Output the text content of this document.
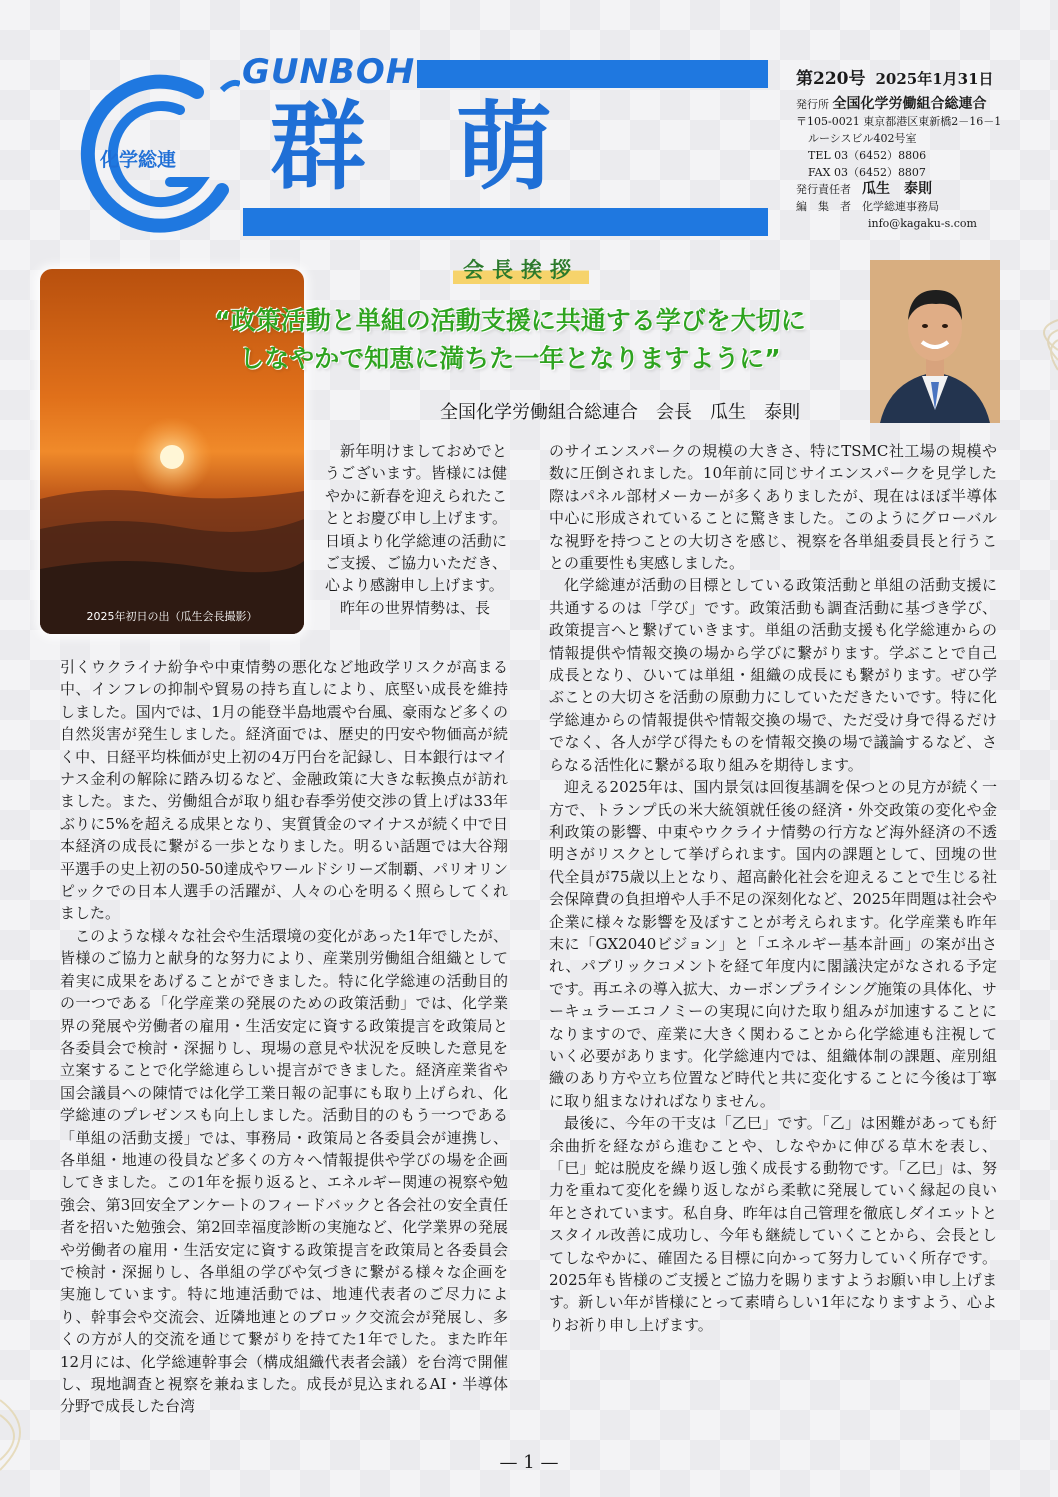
化学総連
GUNBOH
群萌
第220号 2025年1月31日
発行所 全国化学労働組合総連合
〒105-0021 東京都港区東新橋2－16－1
ルーシスビル402号室
TEL 03（6452）8806
FAX 03（6452）8807
発行責任者　 瓜生　泰則
編　集　者　 化学総連事務局
info@kagaku-s.com
会長挨拶
2025年初日の出（瓜生会長撮影）
“政策活動と単組の活動支援に共通する学びを大切に
しなやかで知恵に満ちた一年となりますように”
全国化学労働組合総連合　会長　瓜生　泰則

新年明けましておめでとうございます。皆様には健やかに新春を迎えられたこととお慶び申し上げます。日頃より化学総連の活動にご支援、ご協力いただき、心より感謝申し上げます。

昨年の世界情勢は、長

引くウクライナ紛争や中東情勢の悪化など地政学リスクが高まる中、インフレの抑制や貿易の持ち直しにより、底堅い成長を維持しました。国内では、1月の能登半島地震や台風、豪雨など多くの自然災害が発生しました。経済面では、歴史的円安や物価高が続く中、日経平均株価が史上初の4万円台を記録し、日本銀行はマイナス金利の解除に踏み切るなど、金融政策に大きな転換点が訪れました。また、労働組合が取り組む春季労使交渉の賃上げは33年ぶりに5%を超える成果となり、実質賃金のマイナスが続く中で日本経済の成長に繋がる一歩となりました。明るい話題では大谷翔平選手の史上初の50-50達成やワールドシリーズ制覇、パリオリンピックでの日本人選手の活躍が、人々の心を明るく照らしてくれました。

このような様々な社会や生活環境の変化があった1年でしたが、皆様のご協力と献身的な努力により、産業別労働組合組織として着実に成果をあげることができました。特に化学総連の活動目的の一つである「化学産業の発展のための政策活動」では、化学業界の発展や労働者の雇用・生活安定に資する政策提言を政策局と各委員会で検討・深掘りし、現場の意見や状況を反映した意見を立案することで化学総連らしい提言ができました。経済産業省や国会議員への陳情では化学工業日報の記事にも取り上げられ、化学総連のプレゼンスも向上しました。活動目的のもう一つである「単組の活動支援」では、事務局・政策局と各委員会が連携し、各単組・地連の役員など多くの方々へ情報提供や学びの場を企画してきました。この1年を振り返ると、エネルギー関連の視察や勉強会、第3回安全アンケートのフィードバックと各会社の安全責任者を招いた勉強会、第2回幸福度診断の実施など、化学業界の発展や労働者の雇用・生活安定に資する政策提言を政策局と各委員会で検討・深掘りし、各単組の学びや気づきに繋がる様々な企画を実施しています。特に地連活動では、地連代表者のご尽力により、幹事会や交流会、近隣地連とのブロック交流会が発展し、多くの方が人的交流を通じて繋がりを持てた1年でした。また昨年12月には、化学総連幹事会（構成組織代表者会議）を台湾で開催し、現地調査と視察を兼ねました。成長が見込まれるAI・半導体分野で成長した台湾

のサイエンスパークの規模の大きさ、特にTSMC社工場の規模や数に圧倒されました。10年前に同じサイエンスパークを見学した際はパネル部材メーカーが多くありましたが、現在はほぼ半導体中心に形成されていることに驚きました。このようにグローバルな視野を持つことの大切さを感じ、視察を各単組委員長と行うことの重要性も実感しました。

化学総連が活動の目標としている政策活動と単組の活動支援に共通するのは「学び」です。政策活動も調査活動に基づき学び、政策提言へと繋げていきます。単組の活動支援も化学総連からの情報提供や情報交換の場から学びに繋がります。学ぶことで自己成長となり、ひいては単組・組織の成長にも繋がります。ぜひ学ぶことの大切さを活動の原動力にしていただきたいです。特に化学総連からの情報提供や情報交換の場で、ただ受け身で得るだけでなく、各人が学び得たものを情報交換の場で議論するなど、さらなる活性化に繋がる取り組みを期待します。

迎える2025年は、国内景気は回復基調を保つとの見方が続く一方で、トランプ氏の米大統領就任後の経済・外交政策の変化や金利政策の影響、中東やウクライナ情勢の行方など海外経済の不透明さがリスクとして挙げられます。国内の課題として、団塊の世代全員が75歳以上となり、超高齢化社会を迎えることで生じる社会保障費の負担増や人手不足の深刻化など、2025年問題は社会や企業に様々な影響を及ぼすことが考えられます。化学産業も昨年末に「GX2040ビジョン」と「エネルギー基本計画」の案が出され、パブリックコメントを経て年度内に閣議決定がなされる予定です。再エネの導入拡大、カーボンプライシング施策の具体化、サーキュラーエコノミーの実現に向けた取り組みが加速することになりますので、産業に大きく関わることから化学総連も注視していく必要があります。化学総連内では、組織体制の課題、産別組織のあり方や立ち位置など時代と共に変化することに今後は丁寧に取り組まなければなりません。

最後に、今年の干支は「乙巳」です。「乙」は困難があっても紆余曲折を経ながら進むことや、しなやかに伸びる草木を表し、「巳」蛇は脱皮を繰り返し強く成長する動物です。「乙巳」は、努力を重ねて変化を繰り返しながら柔軟に発展していく縁起の良い年とされています。私自身、昨年は自己管理を徹底しダイエットとスタイル改善に成功し、今年も継続していくことから、会長としてしなやかに、確固たる目標に向かって努力していく所存です。2025年も皆様のご支援とご協力を賜りますようお願い申し上げます。新しい年が皆様にとって素晴らしい1年になりますよう、心よりお祈り申し上げます。

— 1 —
